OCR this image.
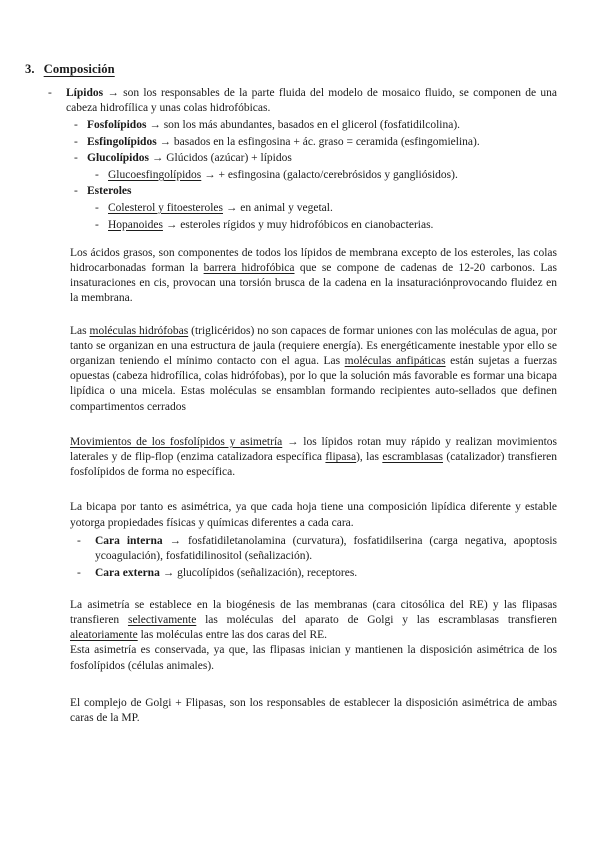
3. Composición
-	Lípidos → son los responsables de la parte fluida del modelo de mosaico fluido, se componen de una cabeza hidrofílica y unas colas hidrofóbicas.
- Fosfolípidos → son los más abundantes, basados en el glicerol (fosfatidilcolina).
- Esfingolípidos → basados en la esfingosina + ác. graso = ceramida (esfingomielina).
- Glucolípidos → Glúcidos (azúcar) + lípidos
- Glucoesfingolípidos → + esfingosina (galacto/cerebrósidos y gangliósidos).
- Esteroles
- Colesterol y fitoesteroles → en animal y vegetal.
- Hopanoides → esteroles rígidos y muy hidrofóbicos en cianobacterias.
Los ácidos grasos, son componentes de todos los lípidos de membrana excepto de los esteroles, las colas hidrocarbonadas forman la barrera hidrofóbica que se compone de cadenas de 12-20 carbonos. Las insaturaciones en cis, provocan una torsión brusca de la cadena en la insaturaciónprovocando fluidez en la membrana.
Las moléculas hidrófobas (triglicéridos) no son capaces de formar uniones con las moléculas de agua, por tanto se organizan en una estructura de jaula (requiere energía). Es energéticamente inestable ypor ello se organizan teniendo el mínimo contacto con el agua. Las moléculas anfipáticas están sujetas a fuerzas opuestas (cabeza hidrofílica, colas hidrófobas), por lo que la solución más favorable es formar una bicapa lipídica o una micela. Estas moléculas se ensamblan formando recipientes auto-sellados que definen compartimentos cerrados
Movimientos de los fosfolípidos y asimetría → los lípidos rotan muy rápido y realizan movimientos laterales y de flip-flop (enzima catalizadora específica flipasa), las escramblasas (catalizador) transfieren fosfolípidos de forma no específica.
La bicapa por tanto es asimétrica, ya que cada hoja tiene una composición lipídica diferente y estable yotorga propiedades físicas y químicas diferentes a cada cara.
-	Cara interna → fosfatidiletanolamina (curvatura), fosfatidilserina (carga negativa, apoptosis ycoagulación), fosfatidilinositol (señalización).
-	Cara externa → glucolípidos (señalización), receptores.
La asimetría se establece en la biogénesis de las membranas (cara citosólica del RE) y las flipasas transfieren selectivamente las moléculas del aparato de Golgi y las escramblasas transfieren aleatoriamente las moléculas entre las dos caras del RE.
Esta asimetría es conservada, ya que, las flipasas inician y mantienen la disposición asimétrica de los fosfolípidos (células animales).
El complejo de Golgi + Flipasas, son los responsables de establecer la disposición asimétrica de ambas caras de la MP.
